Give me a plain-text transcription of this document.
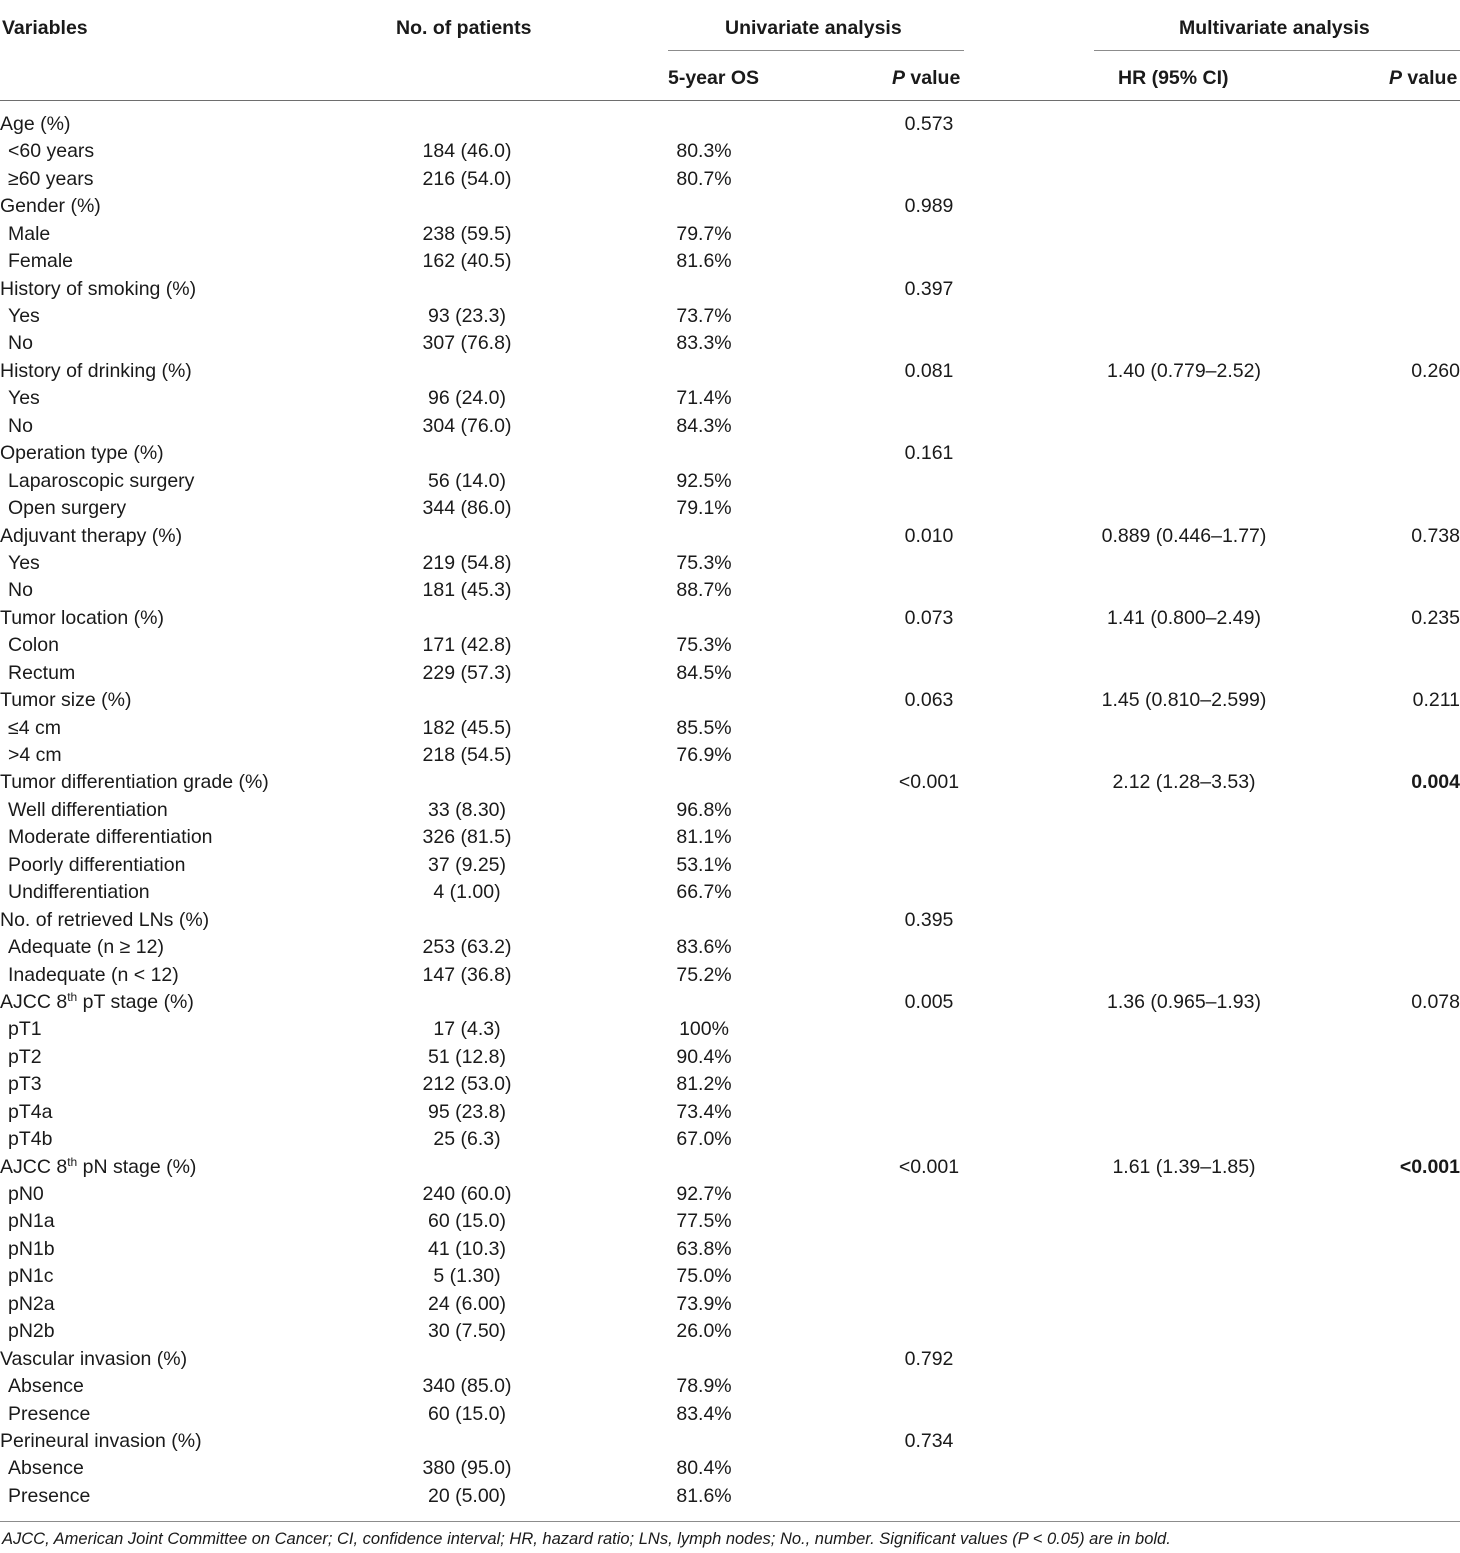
Variables	No. of patients	Univariate analysis	Multivariate analysis
5-year OS	P value	HR (95% CI)	P value
Age (%)			0.573		
<60 years	184 (46.0)	80.3%			
≥60 years	216 (54.0)	80.7%			
Gender (%)			0.989		
Male	238 (59.5)	79.7%			
Female	162 (40.5)	81.6%			
History of smoking (%)			0.397		
Yes	93 (23.3)	73.7%			
No	307 (76.8)	83.3%			
History of drinking (%)			0.081	1.40 (0.779–2.52)	0.260
Yes	96 (24.0)	71.4%			
No	304 (76.0)	84.3%			
Operation type (%)			0.161		
Laparoscopic surgery	56 (14.0)	92.5%			
Open surgery	344 (86.0)	79.1%			
Adjuvant therapy (%)			0.010	0.889 (0.446–1.77)	0.738
Yes	219 (54.8)	75.3%			
No	181 (45.3)	88.7%			
Tumor location (%)			0.073	1.41 (0.800–2.49)	0.235
Colon	171 (42.8)	75.3%			
Rectum	229 (57.3)	84.5%			
Tumor size (%)			0.063	1.45 (0.810–2.599)	0.211
≤4 cm	182 (45.5)	85.5%			
>4 cm	218 (54.5)	76.9%			
Tumor differentiation grade (%)			<0.001	2.12 (1.28–3.53)	0.004
Well differentiation	33 (8.30)	96.8%			
Moderate differentiation	326 (81.5)	81.1%			
Poorly differentiation	37 (9.25)	53.1%			
Undifferentiation	4 (1.00)	66.7%			
No. of retrieved LNs (%)			0.395		
Adequate (n ≥ 12)	253 (63.2)	83.6%			
Inadequate (n < 12)	147 (36.8)	75.2%			
AJCC 8th pT stage (%)			0.005	1.36 (0.965–1.93)	0.078
pT1	17 (4.3)	100%			
pT2	51 (12.8)	90.4%			
pT3	212 (53.0)	81.2%			
pT4a	95 (23.8)	73.4%			
pT4b	25 (6.3)	67.0%			
AJCC 8th pN stage (%)			<0.001	1.61 (1.39–1.85)	<0.001
pN0	240 (60.0)	92.7%			
pN1a	60 (15.0)	77.5%			
pN1b	41 (10.3)	63.8%			
pN1c	5 (1.30)	75.0%			
pN2a	24 (6.00)	73.9%			
pN2b	30 (7.50)	26.0%			
Vascular invasion (%)			0.792		
Absence	340 (85.0)	78.9%			
Presence	60 (15.0)	83.4%			
Perineural invasion (%)			0.734		
Absence	380 (95.0)	80.4%			
Presence	20 (5.00)	81.6%			
AJCC, American Joint Committee on Cancer; CI, confidence interval; HR, hazard ratio; LNs, lymph nodes; No., number. Significant values (P < 0.05) are in bold.
